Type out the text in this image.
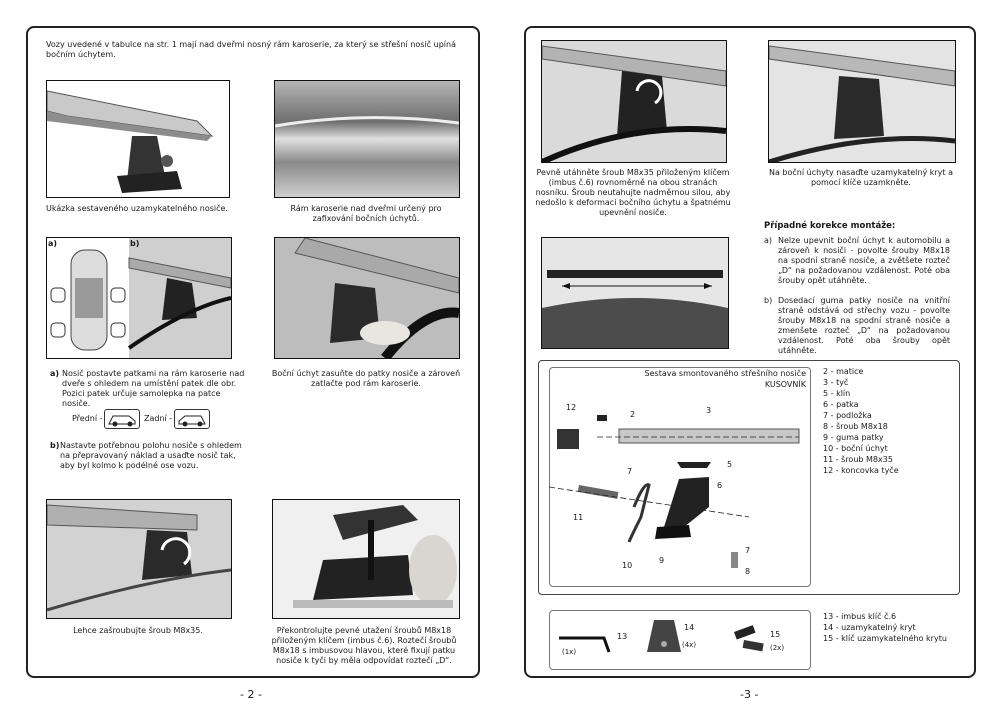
Vozy uvedené v tabulce na str. 1 mají nad dveřmi nosný rám karoserie, za který se střešní nosič upíná bočním úchytem.
Ukázka sestaveného uzamykatelného nosiče.	Rám karoserie nad dveřmi určený pro zafixování bočních úchytů.
a)	b)
a) Nosič postavte patkami na rám karoserie nad dveře s ohledem na umístění patek dle obr. Pozici patek určuje samolepka na patce nosiče.
Přední -	Zadní -
b) Nastavte potřebnou polohu nosiče s ohledem na přepravovaný náklad a usaďte nosič tak, aby byl kolmo k podélné ose vozu.
Boční úchyt zasuňte do patky nosiče a zároveň zatlačte pod rám karoserie.
Lehce zašroubujte šroub M8x35.	Překontrolujte pevné utažení šroubů M8x18 přiloženým klíčem (imbus č.6). Roztečí šroubů M8x18 s imbusovou hlavou, které fixují patku nosiče k tyči by měla odpovídat roztečí „D“.
- 2 -
Pevně utáhněte šroub M8x35 přiloženým klíčem (imbus č.6) rovnoměrně na obou stranách nosníku. Šroub neutahujte nadměrnou silou, aby nedošlo k deformaci bočního úchytu a špatnému upevnění nosiče.
Na boční úchyty nasaďte uzamykatelný kryt a pomocí klíče uzamkněte.
Případné korekce montáže:
a) Nelze upevnit boční úchyt k automobilu a zároveň k nosiči - povolte šrouby M8x18 na spodní straně nosiče, a zvětšete rozteč „D“ na požadovanou vzdálenost. Poté oba šrouby opět utáhněte.
b) Dosedací guma patky nosiče na vnitřní straně odstává od střechy vozu - povolte šrouby M8x18 na spodní straně nosiče a zmenšete rozteč „D“ na požadovanou vzdálenost. Poté oba šrouby opět utáhněte.
Sestava smontovaného střešního nosiče
KUSOVNÍK
12
2	3
7
5
6
11
10
9
7
8
2 - matice
3 - tyč
5 - klín
6 - patka
7 - podložka
8 - šroub M8x18
9 - guma patky
10 - boční úchyt
11 - šroub M8x35
12 - koncovka tyče
13
14
15
(1x)
(4x)	(2x)
13 - imbus klíč č.6
14 - uzamykatelný kryt
15 - klíč uzamykatelného krytu
-3 -
